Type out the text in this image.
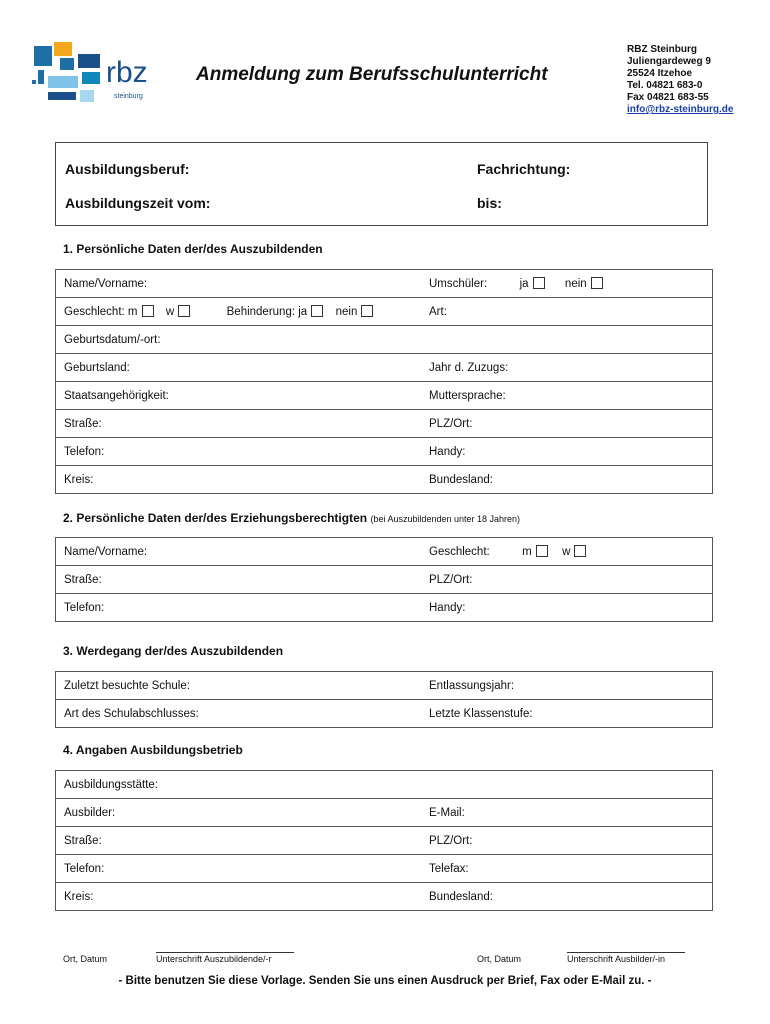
rbz
steinburg
Anmeldung zum Berufsschulunterricht
RBZ Steinburg
Juliengardeweg 9
25524 Itzehoe
Tel. 04821 683-0
Fax 04821 683-55
info@rbz-steinburg.de
Ausbildungsberuf:	Fachrichtung:
Ausbildungszeit vom:	bis:
1. Persönliche Daten der/des Auszubildenden
Name/Vorname:	Umschüler: ja nein
Geschlecht: m w Behinderung: ja nein	Art:
Geburtsdatum/-ort:	
Geburtsland:	Jahr d. Zuzugs:
Staatsangehörigkeit:	Muttersprache:
Straße:	PLZ/Ort:
Telefon:	Handy:
Kreis:	Bundesland:
2. Persönliche Daten der/des Erziehungsberechtigten (bei Auszubildenden unter 18 Jahren)
Name/Vorname:	Geschlecht: m w
Straße:	PLZ/Ort:
Telefon:	Handy:
3. Werdegang der/des Auszubildenden
Zuletzt besuchte Schule:	Entlassungsjahr:
Art des Schulabschlusses:	Letzte Klassenstufe:
4. Angaben Ausbildungsbetrieb
Ausbildungsstätte:	
Ausbilder:	E-Mail:
Straße:	PLZ/Ort:
Telefon:	Telefax:
Kreis:	Bundesland:
Ort, Datum	Unterschrift Auszubildende/-r	Ort, Datum	Unterschrift Ausbilder/-in
- Bitte benutzen Sie diese Vorlage. Senden Sie uns einen Ausdruck per Brief, Fax oder E-Mail zu. -
